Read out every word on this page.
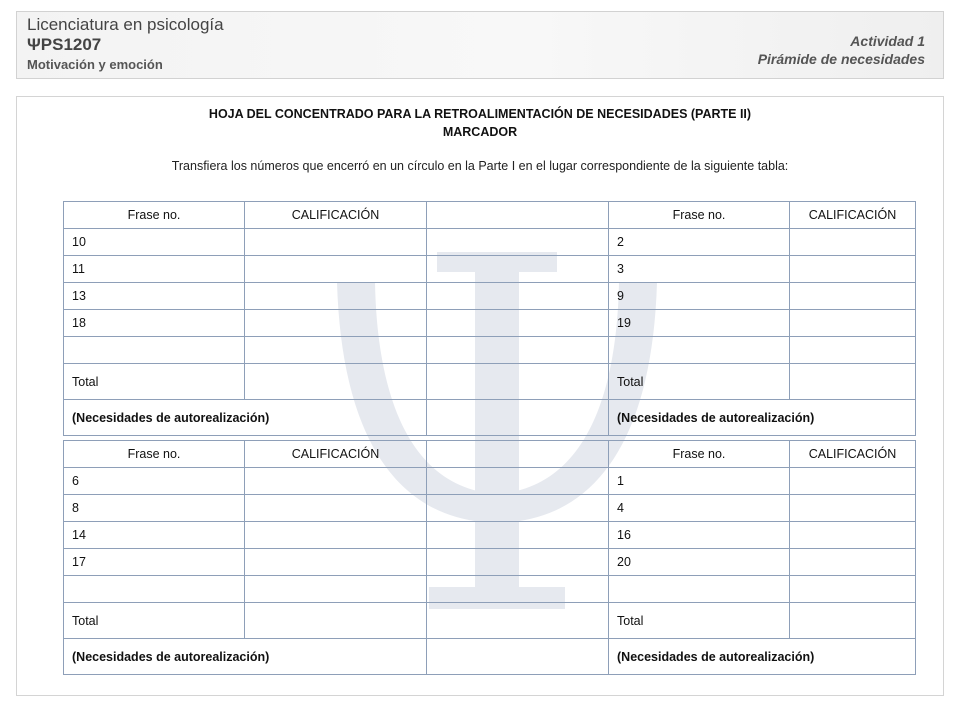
Licenciatura en psicología
ΨPS1207
Motivación y emoción
Actividad 1
Pirámide de necesidades
HOJA DEL CONCENTRADO PARA LA RETROALIMENTACIÓN DE NECESIDADES (PARTE II)
MARCADOR
Transfiera los números que encerró en un círculo en la Parte I en el lugar correspondiente de la siguiente tabla:
Frase no.	CALIFICACIÓN		Frase no.	CALIFICACIÓN
10			2	
11			3	
13			9	
18			19	

Total			Total	
(Necesidades de autorealización)			(Necesidades de autorealización)	
Frase no.	CALIFICACIÓN		Frase no.	CALIFICACIÓN
6			1	
8			4	
14			16	
17			20	

Total			Total	
(Necesidades de autorealización)			(Necesidades de autorealización)	
